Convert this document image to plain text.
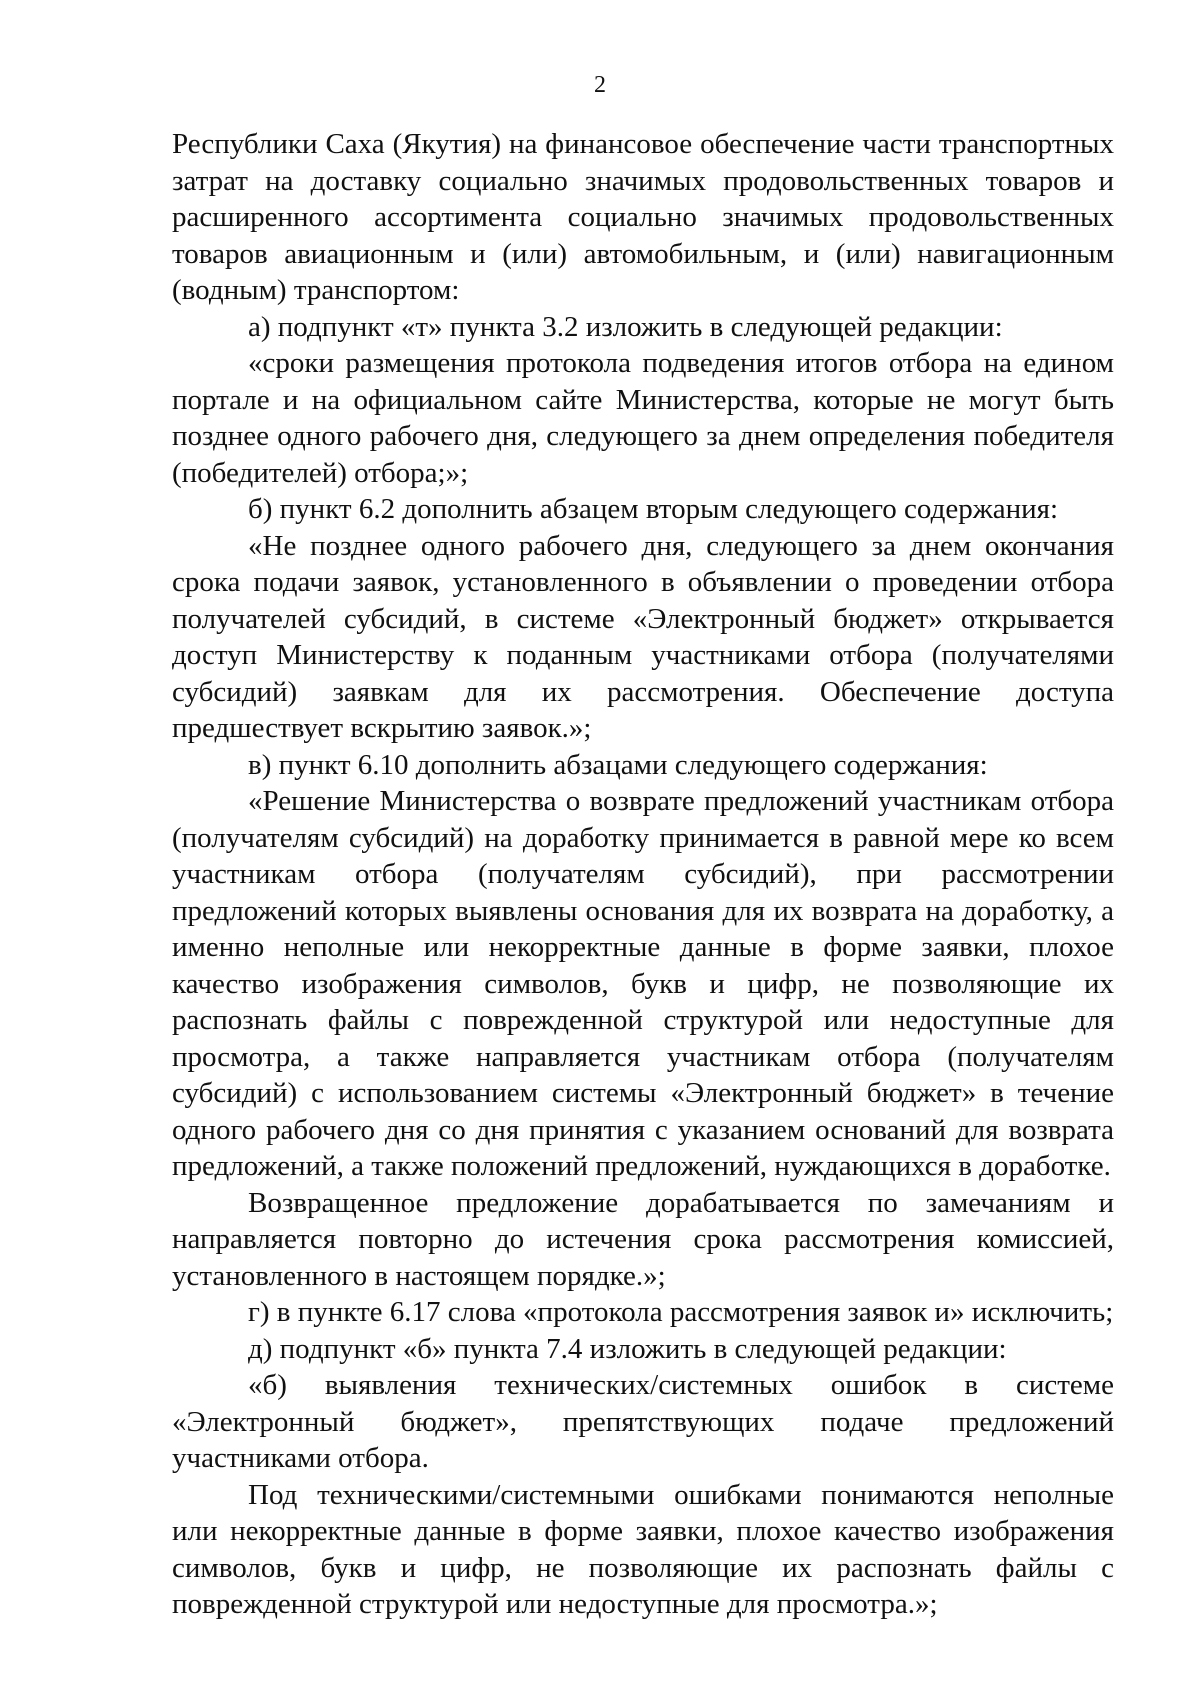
2

Республики Саха (Якутия) на финансовое обеспечение части транспортных затрат на доставку социально значимых продовольственных товаров и расширенного ассортимента социально значимых продовольственных товаров авиационным и (или) автомобильным, и (или) навигационным (водным) транспортом:

а) подпункт «т» пункта 3.2 изложить в следующей редакции:

«сроки размещения протокола подведения итогов отбора на едином портале и на официальном сайте Министерства, которые не могут быть позднее одного рабочего дня, следующего за днем определения победителя (победителей) отбора;»;

б) пункт 6.2 дополнить абзацем вторым следующего содержания:

«Не позднее одного рабочего дня, следующего за днем окончания срока подачи заявок, установленного в объявлении о проведении отбора получателей субсидий, в системе «Электронный бюджет» открывается доступ Министерству к поданным участниками отбора (получателями субсидий) заявкам для их рассмотрения. Обеспечение доступа предшествует вскрытию заявок.»;

в) пункт 6.10 дополнить абзацами следующего содержания:

«Решение Министерства о возврате предложений участникам отбора (получателям субсидий) на доработку принимается в равной мере ко всем участникам отбора (получателям субсидий), при рассмотрении предложений которых выявлены основания для их возврата на доработку, а именно неполные или некорректные данные в форме заявки, плохое качество изображения символов, букв и цифр, не позволяющие их распознать файлы с поврежденной структурой или недоступные для просмотра, а также направляется участникам отбора (получателям субсидий) с использованием системы «Электронный бюджет» в течение одного рабочего дня со дня принятия с указанием оснований для возврата предложений, а также положений предложений, нуждающихся в доработке.

Возвращенное предложение дорабатывается по замечаниям и направляется повторно до истечения срока рассмотрения комиссией, установленного в настоящем порядке.»;

г) в пункте 6.17 слова «протокола рассмотрения заявок и» исключить;

д) подпункт «б» пункта 7.4 изложить в следующей редакции:

«б) выявления технических/системных ошибок в системе «Электронный бюджет», препятствующих подаче предложений участниками отбора.

Под техническими/системными ошибками понимаются неполные или некорректные данные в форме заявки, плохое качество изображения символов, букв и цифр, не позволяющие их распознать файлы с поврежденной структурой или недоступные для просмотра.»;
